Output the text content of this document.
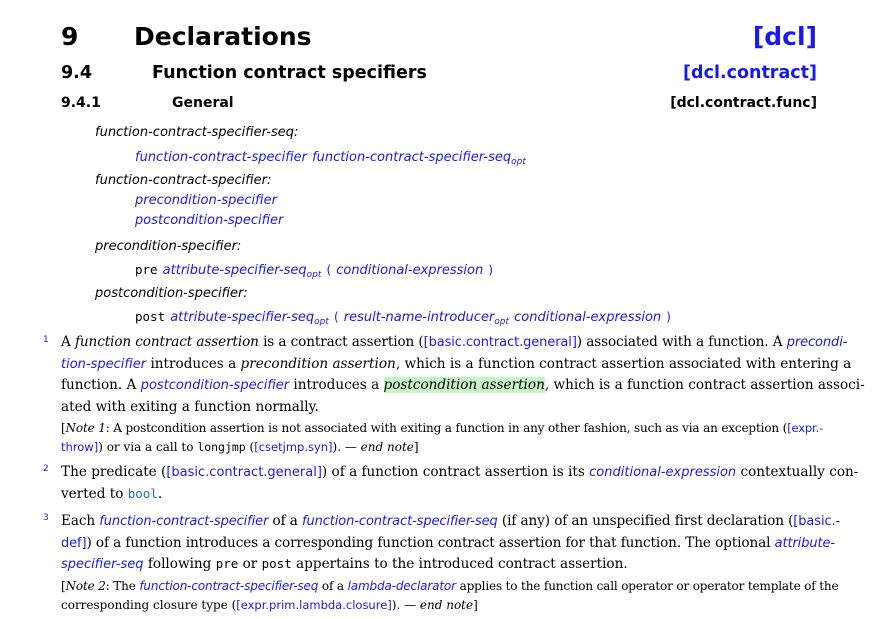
9 Declarations	[dcl]
9.4	Function contract specifiers	[dcl.contract]
9.4.1	General	[dcl.contract.func]
function-contract-specifier-seq:
function-contract-specifier function-contract-specifier-seq$_{opt}$
function-contract-specifier:
precondition-specifier
postcondition-specifier
precondition-specifier:
pre attribute-specifier-seq$_{opt}$ ( conditional-expression )
postcondition-specifier:
post attribute-specifier-seq$_{opt}$ ( result-name-introducer$_{opt}$ conditional-expression )
1 A function contract assertion is a contract assertion ([basic.contract.general]) associated with a function. A precondi-
tion-specifier introduces a precondition assertion, which is a function contract assertion associated with entering a
function. A postcondition-specifier introduces a postcondition assertion, which is a function contract assertion associ-
ated with exiting a function normally.
[Note 1: A postcondition assertion is not associated with exiting a function in any other fashion, such as via an exception ([expr.-
throw]) or via a call to longjmp ([csetjmp.syn]). — end note]
2 The predicate ([basic.contract.general]) of a function contract assertion is its conditional-expression contextually con-
verted to bool.
3 Each function-contract-specifier of a function-contract-specifier-seq (if any) of an unspecified first declaration ([basic.-
def]) of a function introduces a corresponding function contract assertion for that function. The optional attribute-
specifier-seq following pre or post appertains to the introduced contract assertion.
[Note 2: The function-contract-specifier-seq of a lambda-declarator applies to the function call operator or operator template of the
corresponding closure type ([expr.prim.lambda.closure]). — end note]
